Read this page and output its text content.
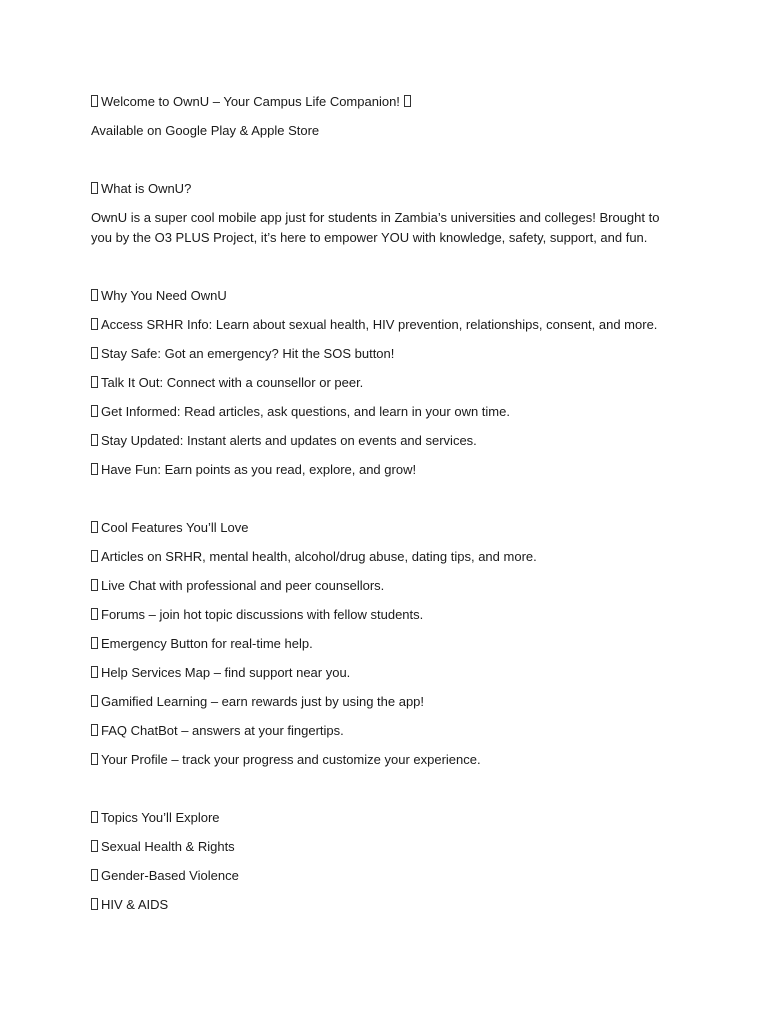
Welcome to OwnU – Your Campus Life Companion!

Available on Google Play & Apple Store

What is OwnU?

OwnU is a super cool mobile app just for students in Zambia’s universities and colleges! Brought to you by the O3 PLUS Project, it’s here to empower YOU with knowledge, safety, support, and fun.

Why You Need OwnU

Access SRHR Info: Learn about sexual health, HIV prevention, relationships, consent, and more.

Stay Safe: Got an emergency? Hit the SOS button!

Talk It Out: Connect with a counsellor or peer.

Get Informed: Read articles, ask questions, and learn in your own time.

Stay Updated: Instant alerts and updates on events and services.

Have Fun: Earn points as you read, explore, and grow!

Cool Features You’ll Love

Articles on SRHR, mental health, alcohol/drug abuse, dating tips, and more.

Live Chat with professional and peer counsellors.

Forums – join hot topic discussions with fellow students.

Emergency Button for real-time help.

Help Services Map – find support near you.

Gamified Learning – earn rewards just by using the app!

FAQ ChatBot – answers at your fingertips.

Your Profile – track your progress and customize your experience.

Topics You’ll Explore

Sexual Health & Rights

Gender-Based Violence

HIV & AIDS
